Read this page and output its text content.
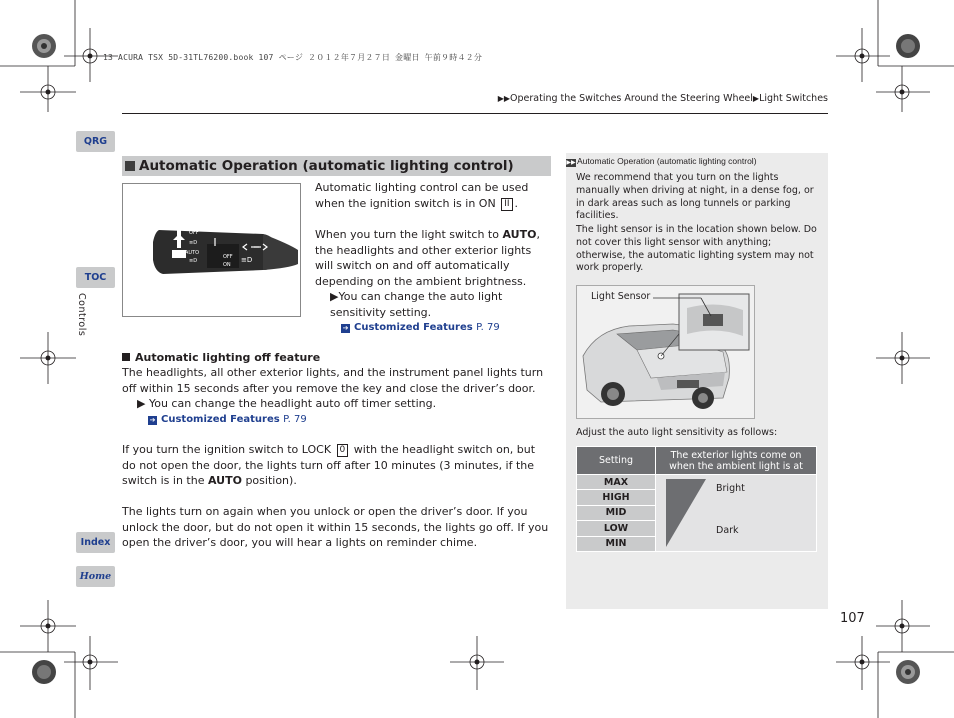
13 ACURA TSX 5D-31TL76200.book 107 ページ ２０１２年７月２７日 金曜日 午前９時４２分
▶▶Operating the Switches Around the Steering Wheel▶Light Switches
QRG
TOC
Controls
Index
Home
Automatic Operation (automatic lighting control)
OFF
≡D
AUTO
≡D
OFF
ON
≡D
Automatic lighting control can be used when the ignition switch is in ON II .
When you turn the light switch to AUTO, the headlights and other exterior lights will switch on and off automatically depending on the ambient brightness.
▶You can change the auto light sensitivity setting.
➔ Customized Features P. 79
Automatic lighting off feature
The headlights, all other exterior lights, and the instrument panel lights turn off within 15 seconds after you remove the key and close the driver’s door.
▶ You can change the headlight auto off timer setting.
➔ Customized Features P. 79
If you turn the ignition switch to LOCK 0 with the headlight switch on, but do not open the door, the lights turn off after 10 minutes (3 minutes, if the switch is in the AUTO position).
The lights turn on again when you unlock or open the driver’s door. If you unlock the door, but do not open it within 15 seconds, the lights go off. If you open the driver’s door, you will hear a lights on reminder chime.
▶▶Automatic Operation (automatic lighting control)
We recommend that you turn on the lights manually when driving at night, in a dense fog, or in dark areas such as long tunnels or parking facilities.
The light sensor is in the location shown below. Do not cover this light sensor with anything; otherwise, the automatic lighting system may not work properly.
Light Sensor
Adjust the auto light sensitivity as follows:
Setting	The exterior lights come on when the ambient light is at
MAX	Bright
Dark

HIGH	
MID	
LOW	
MIN	
107
